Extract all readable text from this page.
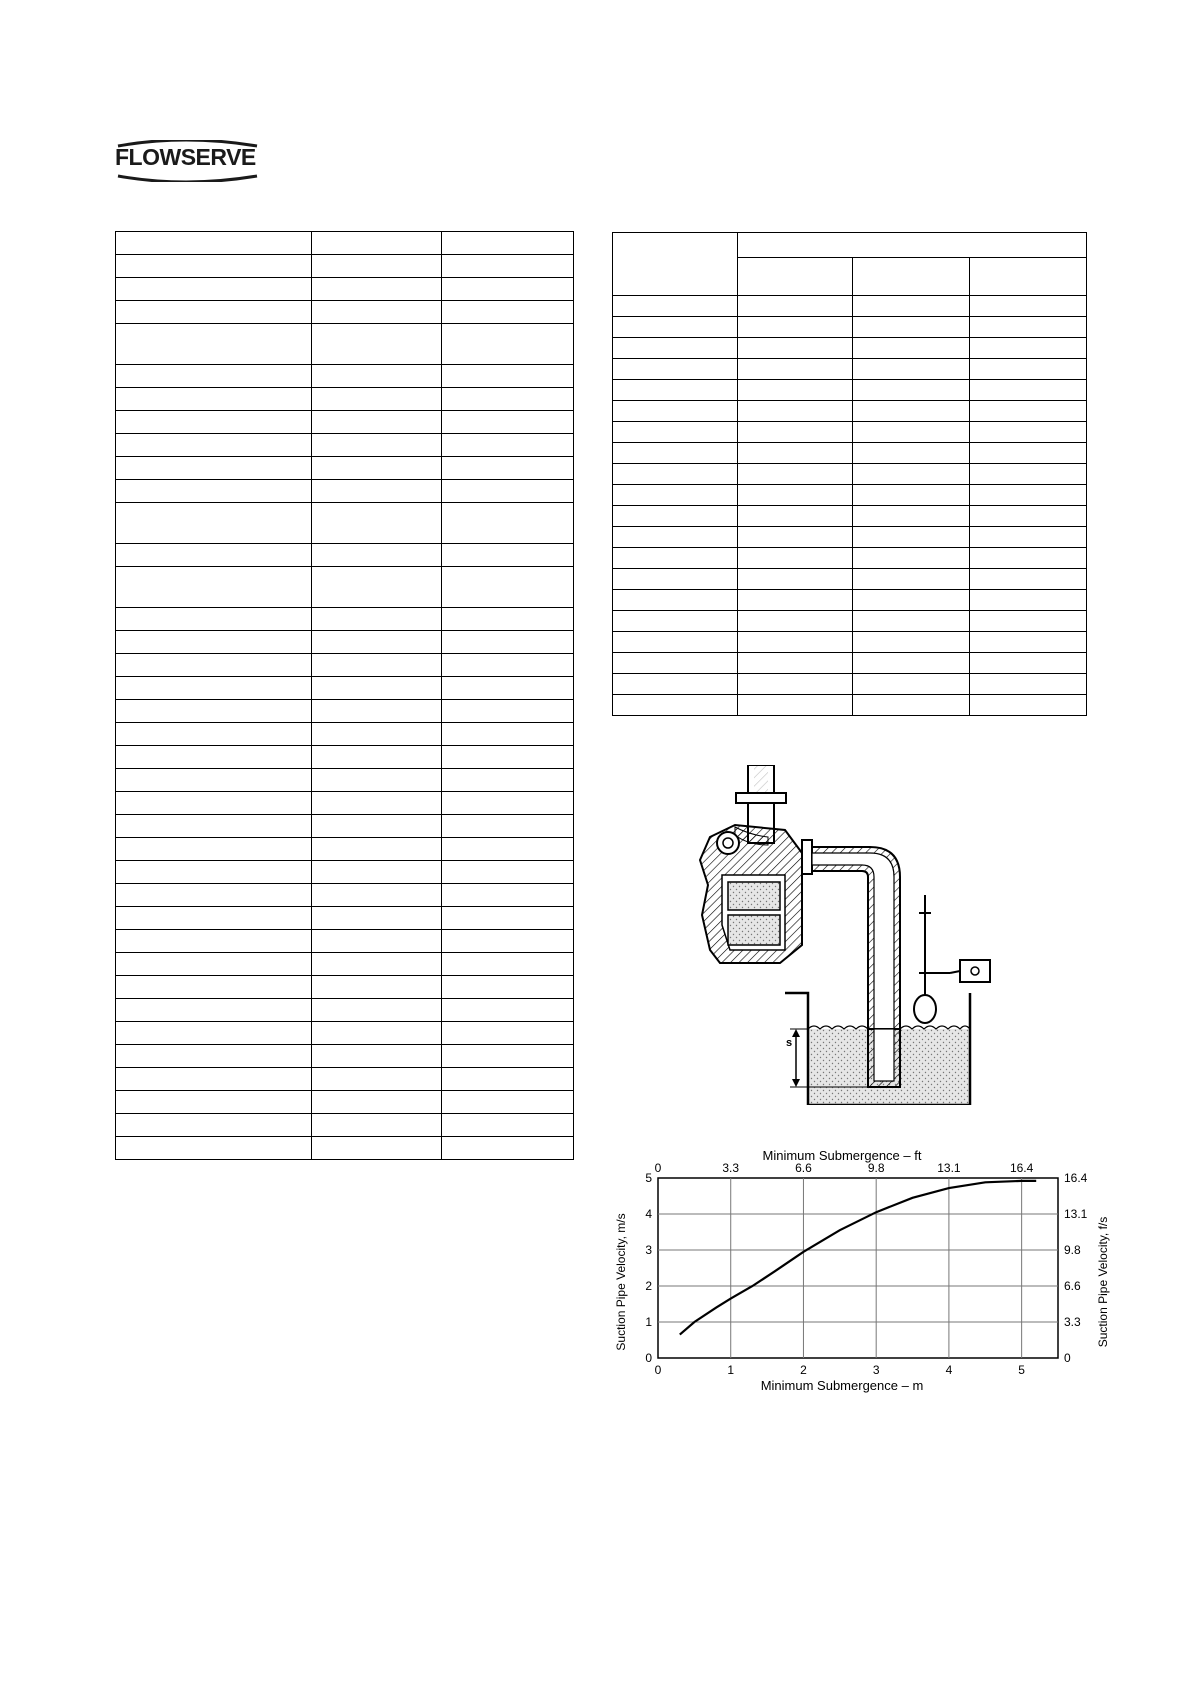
FLOWSERVE

s
0
0
1
3.3
2
6.6
3
9.8
4
13.1
5
16.4
0	0
1	3.3
2	6.6
3	9.8
4	13.1
5	16.4
Minimum Submergence – ft
Minimum Submergence – m
Suction Pipe Velocity, m/s	Suction Pipe Velocity, f/s
